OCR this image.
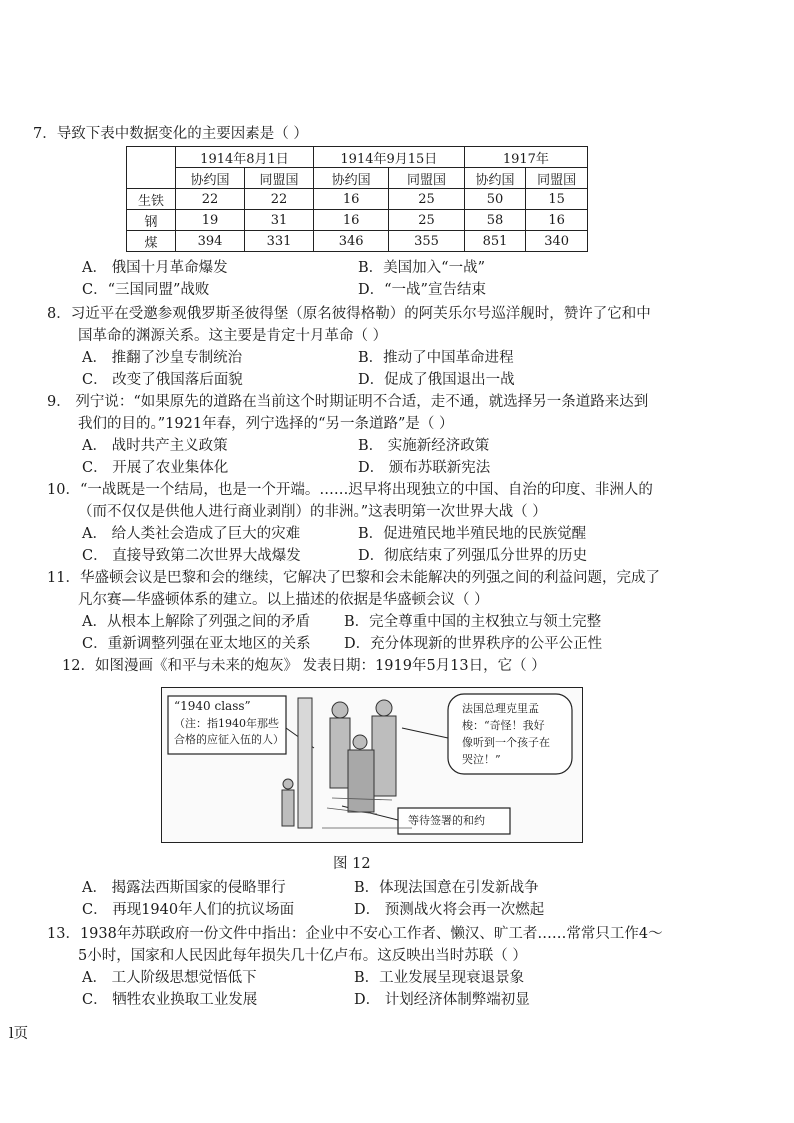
7．导致下表中数据变化的主要因素是（ ）
	1914年8月1日		1914年9月15日		1917年	
	协约国	同盟国	协约国	同盟国	协约国	同盟国
生铁	22	22	16	25	50	15
钢	19	31	16	25	58	16
煤	394	331	346	355	851	340
A． 俄国十月革命爆发	B．美国加入“一战”
C．“三国同盟”战败	D．“一战”宣告结束
8．习近平在受邀参观俄罗斯圣彼得堡（原名彼得格勒）的阿芙乐尔号巡洋舰时，赞许了它和中
国革命的渊源关系。这主要是肯定十月革命（ ）
A． 推翻了沙皇专制统治	B．推动了中国革命进程
C． 改变了俄国落后面貌	D．促成了俄国退出一战
9． 列宁说：“如果原先的道路在当前这个时期证明不合适，走不通，就选择另一条道路来达到
我们的目的。”1921年春，列宁选择的“另一条道路”是（ ）
A． 战时共产主义政策	B． 实施新经济政策
C． 开展了农业集体化	D． 颁布苏联新宪法
10．“一战既是一个结局，也是一个开端。……迟早将出现独立的中国、自治的印度、非洲人的
（而不仅仅是供他人进行商业剥削）的非洲。”这表明第一次世界大战（ ）
A． 给人类社会造成了巨大的灾难	B．促进殖民地半殖民地的民族觉醒
C． 直接导致第二次世界大战爆发	D．彻底结束了列强瓜分世界的历史
11．华盛顿会议是巴黎和会的继续，它解决了巴黎和会未能解决的列强之间的利益问题，完成了
凡尔赛—华盛顿体系的建立。以上描述的依据是华盛顿会议（ ）
A．从根本上解除了列强之间的矛盾 B．完全尊重中国的主权独立与领土完整
C．重新调整列强在亚太地区的关系 D．充分体现新的世界秩序的公平公正性
12．如图漫画《和平与未来的炮灰》 发表日期：1919年5月13日，它（ ）
“1940 class”
（注：指1940年那些
合格的应征入伍的人）
法国总理克里孟
梭：“奇怪！我好
像听到一个孩子在
哭泣！”
等待签署的和约
图 12
A． 揭露法西斯国家的侵略罪行	B．体现法国意在引发新战争
C． 再现1940年人们的抗议场面	D． 预测战火将会再一次燃起
13．1938年苏联政府一份文件中指出：企业中不安心工作者、懒汉、旷工者……常常只工作4～
5小时，国家和人民因此每年损失几十亿卢布。这反映出当时苏联（ ）
A． 工人阶级思想觉悟低下	B．工业发展呈现衰退景象
C． 牺牲农业换取工业发展	D． 计划经济体制弊端初显
l页
